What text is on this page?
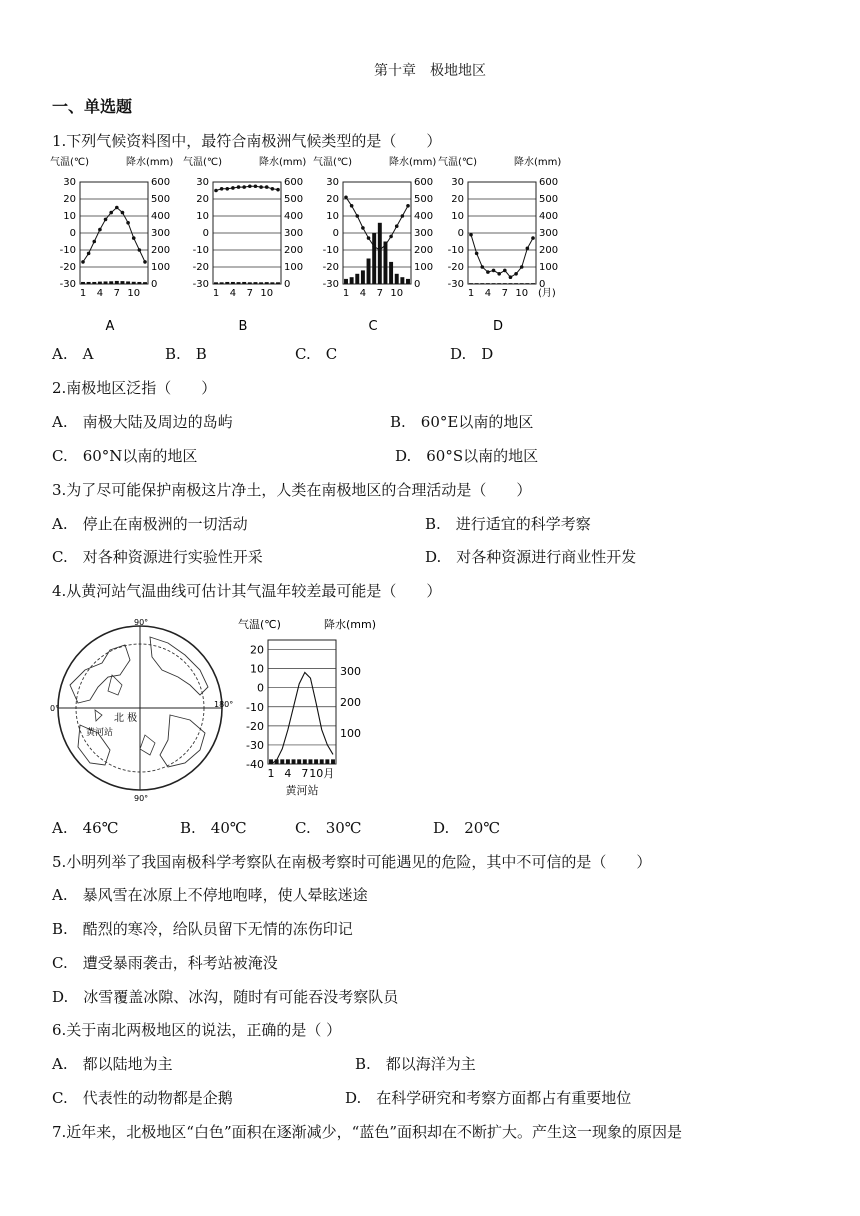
第十章　极地地区
一、单选题
1.下列气候资料图中，最符合南极洲气候类型的是（　　）
气温(℃)	降水(mm)
30	600
20	500
10	400
0	300
-10	200
-20	100
-30	0
1 4 7 10
A
气温(℃)	降水(mm)
30	600
20	500
10	400
0	300
-10	200
-20	100
-30	0
1 4 7 10
B
气温(℃)	降水(mm)
30	600
20	500
10	400
0	300
-10	200
-20	100
-30	0
1 4 7 10
C
气温(℃)	降水(mm)
30	600
20	500
10	400
0	300
-10	200
-20	100
-30	0
1 4 7 10
D
(月)
A.　A	B.　B	C.　C	D.　D
2.南极地区泛指（　　）
A.　南极大陆及周边的岛屿	B.　60°E以南的地区
C.　60°N以南的地区	D.　60°S以南的地区
3.为了尽可能保护南极这片净土，人类在南极地区的合理活动是（　　）
A.　停止在南极洲的一切活动	B.　进行适宜的科学考察
C.　对各种资源进行实验性开采	D.　对各种资源进行商业性开发
4.从黄河站气温曲线可估计其气温年较差最可能是（　　）
90°
90°
0°	180°
北 极
黄河站
气温(℃)	降水(mm)
20
10
0
-10
-20
-30
-40
300
200
100
1 4 7 10月
黄河站
A.　46℃	B.　40℃	C.　30℃	D.　20℃
5.小明列举了我国南极科学考察队在南极考察时可能遇见的危险，其中不可信的是（　　）
A.　暴风雪在冰原上不停地咆哮，使人晕眩迷途
B.　酷烈的寒冷，给队员留下无情的冻伤印记
C.　遭受暴雨袭击，科考站被淹没
D.　冰雪覆盖冰隙、冰沟，随时有可能吞没考察队员
6.关于南北两极地区的说法，正确的是（ ）
A.　都以陆地为主	B.　都以海洋为主
C.　代表性的动物都是企鹅	D.　在科学研究和考察方面都占有重要地位
7.近年来，北极地区“白色”面积在逐渐减少，“蓝色”面积却在不断扩大。产生这一现象的原因是
